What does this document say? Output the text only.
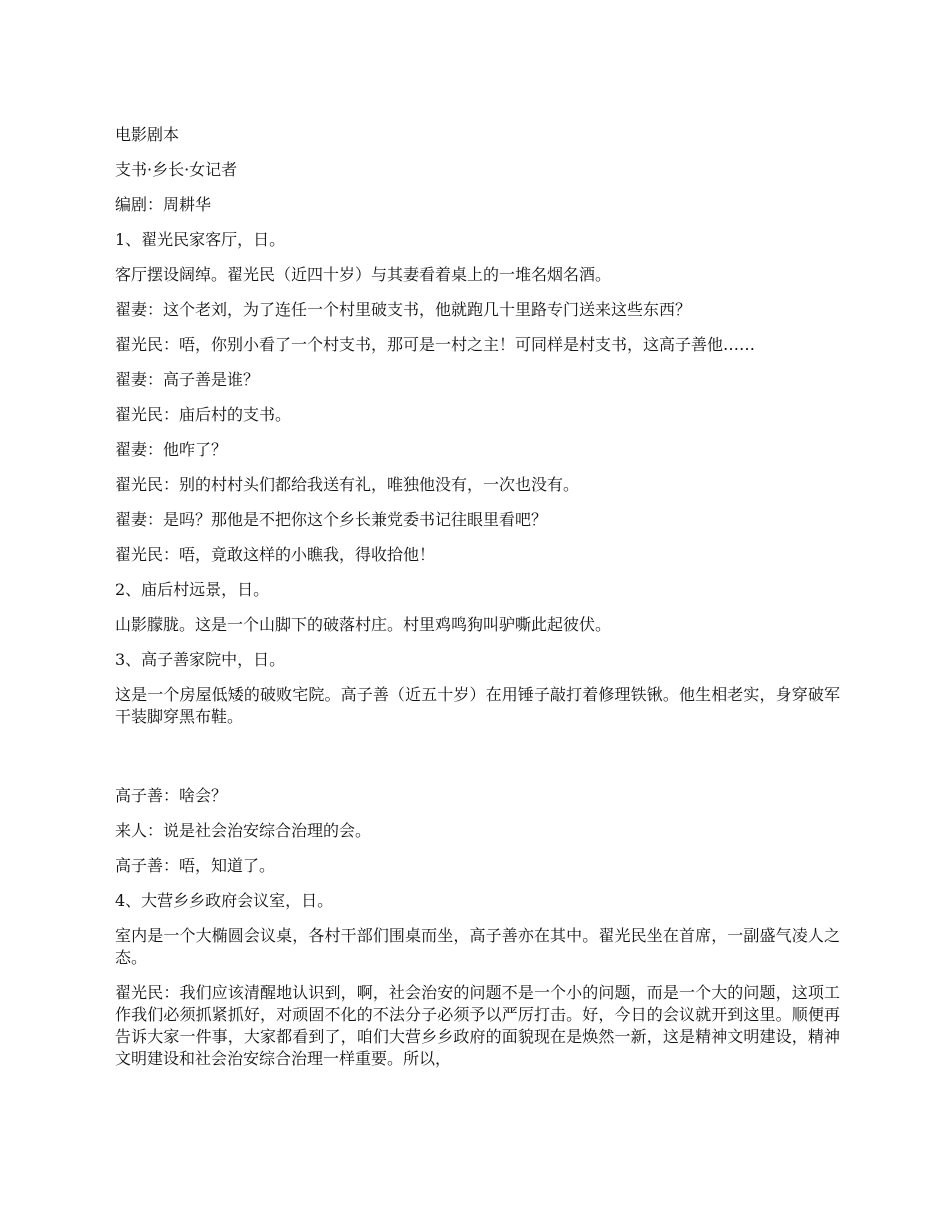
电影剧本

支书·乡长·女记者

编剧：周耕华

1、翟光民家客厅，日。

客厅摆设阔绰。翟光民（近四十岁）与其妻看着桌上的一堆名烟名酒。

翟妻：这个老刘，为了连任一个村里破支书，他就跑几十里路专门送来这些东西？

翟光民：唔，你别小看了一个村支书，那可是一村之主！可同样是村支书，这高子善他……

翟妻：高子善是谁？

翟光民：庙后村的支书。

翟妻：他咋了？

翟光民：别的村村头们都给我送有礼，唯独他没有，一次也没有。

翟妻：是吗？那他是不把你这个乡长兼党委书记往眼里看吧？

翟光民：唔，竟敢这样的小瞧我，得收拾他！

2、庙后村远景，日。

山影朦胧。这是一个山脚下的破落村庄。村里鸡鸣狗叫驴嘶此起彼伏。

3、高子善家院中，日。

这是一个房屋低矮的破败宅院。高子善（近五十岁）在用锤子敲打着修理铁锹。他生相老实，身穿破军干装脚穿黑布鞋。

高子善：啥会？

来人：说是社会治安综合治理的会。

高子善：唔，知道了。

4、大营乡乡政府会议室，日。

室内是一个大椭圆会议桌，各村干部们围桌而坐，高子善亦在其中。翟光民坐在首席，一副盛气凌人之态。

翟光民：我们应该清醒地认识到，啊，社会治安的问题不是一个小的问题，而是一个大的问题，这项工作我们必须抓紧抓好，对顽固不化的不法分子必须予以严厉打击。好，今日的会议就开到这里。顺便再告诉大家一件事，大家都看到了，咱们大营乡乡政府的面貌现在是焕然一新，这是精神文明建设，精神文明建设和社会治安综合治理一样重要。所以，
